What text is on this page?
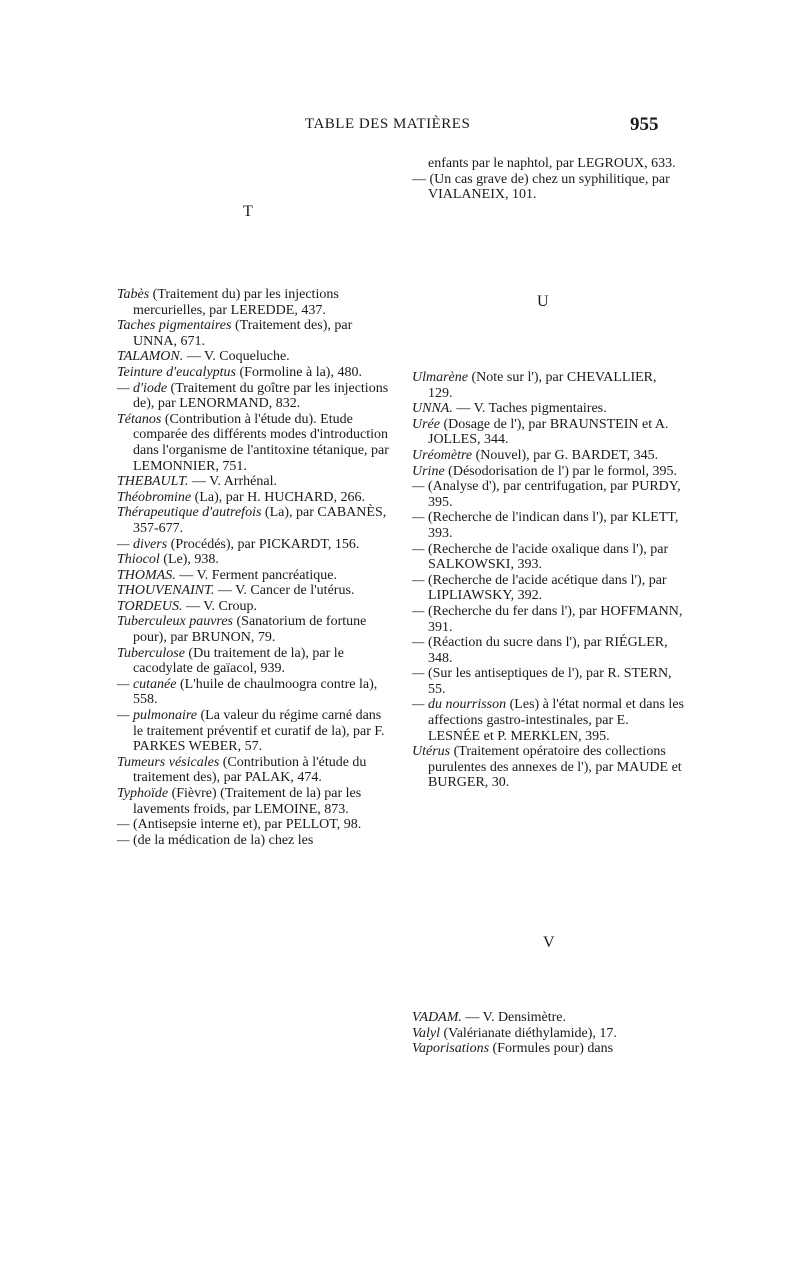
TABLE DES MATIÈRES	955
T
U
V

enfants par le naphtol, par LEGROUX, 633.

— (Un cas grave de) chez un syphilitique, par VIALANEIX, 101.

Tabès (Traitement du) par les injections mercurielles, par LEREDDE, 437.

Taches pigmentaires (Traitement des), par UNNA, 671.

TALAMON. — V. Coqueluche.

Teinture d'eucalyptus (Formoline à la), 480.

— d'iode (Traitement du goître par les injections de), par LENORMAND, 832.

Tétanos (Contribution à l'étude du). Etude comparée des différents modes d'introduction dans l'organisme de l'antitoxine tétanique, par LEMONNIER, 751.

THEBAULT. — V. Arrhénal.

Théobromine (La), par H. HUCHARD, 266.

Thérapeutique d'autrefois (La), par CABANÈS, 357-677.

— divers (Procédés), par PICKARDT, 156.

Thiocol (Le), 938.

THOMAS. — V. Ferment pancréatique.

THOUVENAINT. — V. Cancer de l'utérus.

TORDEUS. — V. Croup.

Tuberculeux pauvres (Sanatorium de fortune pour), par BRUNON, 79.

Tuberculose (Du traitement de la), par le cacodylate de gaïacol, 939.

— cutanée (L'huile de chaulmoogra contre la), 558.

— pulmonaire (La valeur du régime carné dans le traitement préventif et curatif de la), par F. PARKES WEBER, 57.

Tumeurs vésicales (Contribution à l'étude du traitement des), par PALAK, 474.

Typhoïde (Fièvre) (Traitement de la) par les lavements froids, par LEMOINE, 873.

— (Antisepsie interne et), par PELLOT, 98.

— (de la médication de la) chez les

Ulmarène (Note sur l'), par CHEVALLIER, 129.

UNNA. — V. Taches pigmentaires.

Urée (Dosage de l'), par BRAUNSTEIN et A. JOLLES, 344.

Uréomètre (Nouvel), par G. BARDET, 345.

Urine (Désodorisation de l') par le formol, 395.

— (Analyse d'), par centrifugation, par PURDY, 395.

— (Recherche de l'indican dans l'), par KLETT, 393.

— (Recherche de l'acide oxalique dans l'), par SALKOWSKI, 393.

— (Recherche de l'acide acétique dans l'), par LIPLIAWSKY, 392.

— (Recherche du fer dans l'), par HOFFMANN, 391.

— (Réaction du sucre dans l'), par RIÉGLER, 348.

— (Sur les antiseptiques de l'), par R. STERN, 55.

— du nourrisson (Les) à l'état normal et dans les affections gastro-intestinales, par E. LESNÉE et P. MERKLEN, 395.

Utérus (Traitement opératoire des collections purulentes des annexes de l'), par MAUDE et BURGER, 30.

VADAM. — V. Densimètre.

Valyl (Valérianate diéthylamide), 17.

Vaporisations (Formules pour) dans
